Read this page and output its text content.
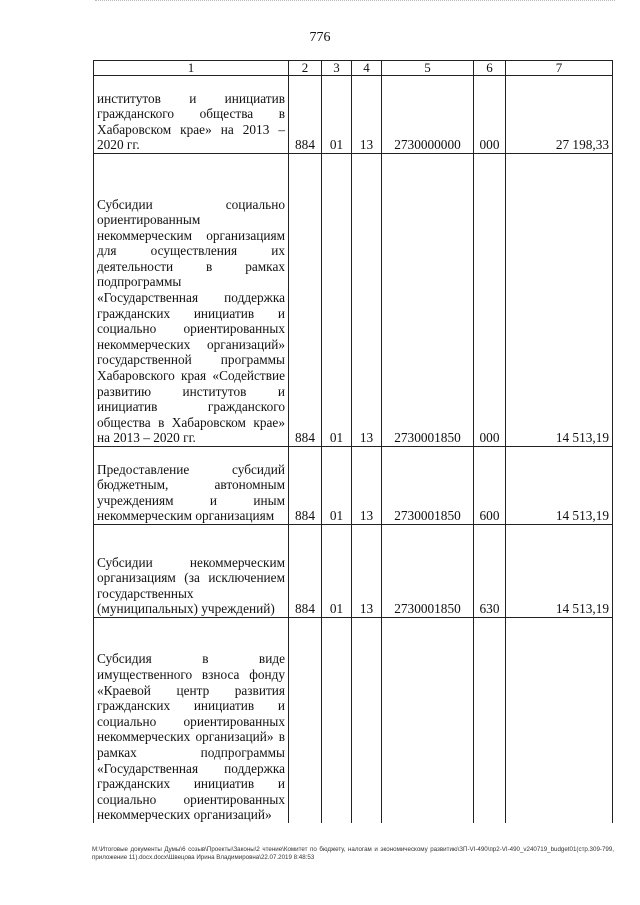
776
1	2	3	4	5	6	7
институтов и инициатив гражданского общества в Хабаровском крае» на 2013 – 2020 гг.	884	01	13	2730000000	000	27 198,33
Субсидии социально ориентированным некоммерческим организациям для осуществления их деятельности в рамках подпрограммы «Государственная поддержка гражданских инициатив и социально ориентированных некоммерческих организаций» государственной программы Хабаровского края «Содействие развитию институтов и инициатив гражданского общества в Хабаровском крае» на 2013 – 2020 гг.	884	01	13	2730001850	000	14 513,19
Предоставление субсидий бюджетным, автономным учреждениям и иным некоммерческим организациям	884	01	13	2730001850	600	14 513,19
Субсидии некоммерческим организациям (за исключением государственных (муниципальных) учреждений)	884	01	13	2730001850	630	14 513,19
Субсидия в виде имущественного взноса фонду «Краевой центр развития гражданских инициатив и социально ориентированных некоммерческих организаций» в рамках подпрограммы «Государственная поддержка гражданских инициатив и социально ориентированных некоммерческих организаций»						
M:\Итоговые документы Думы\6 созыв\Проекты\Законы\2 чтение\Комитет по бюджету, налогам и экономическому развитию\ЗП-VI-490\пр2-VI-490_v240719_budget01(стр.309-799, приложение 11).docx.docx\Швецова Ирина Владимировна\22.07.2019 8:48:53
